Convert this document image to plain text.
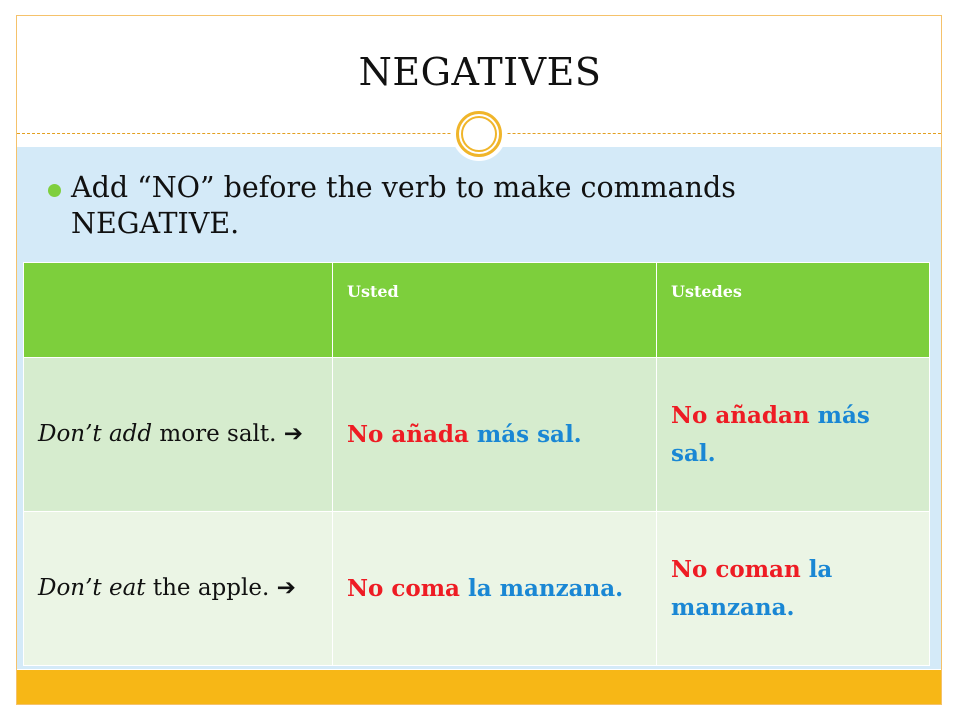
NEGATIVES
Add “NO” before the verb to make commands NEGATIVE.
	Usted	Ustedes
Don’t add more salt. ➔	No añada más sal.	No añadan más sal.
Don’t eat the apple. ➔	No coma la manzana.	No coman la manzana.
